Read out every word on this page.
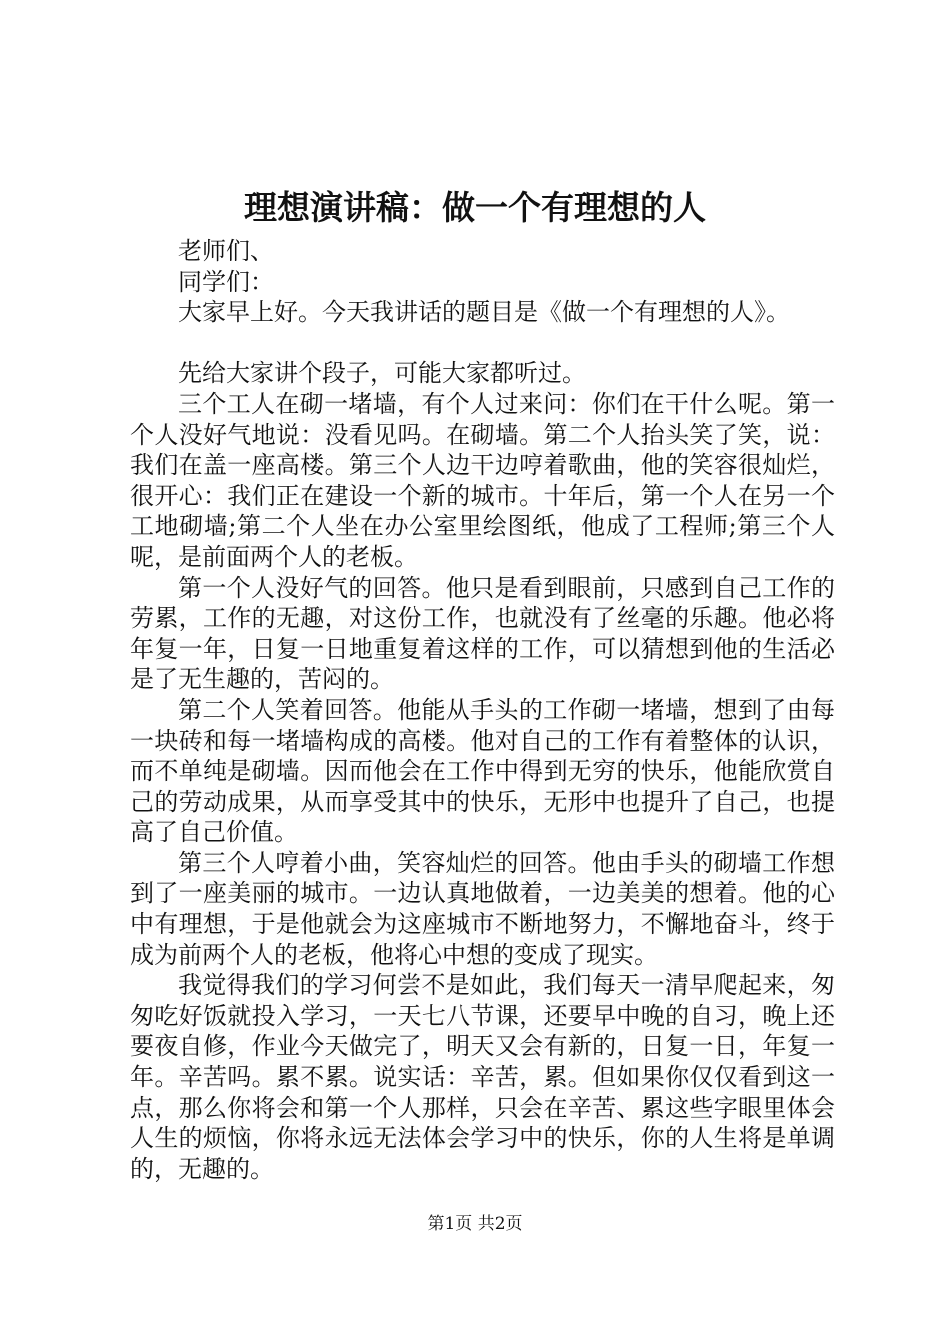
理想演讲稿：做一个有理想的人

老师们、

同学们：

大家早上好。今天我讲话的题目是《做一个有理想的人》。

先给大家讲个段子，可能大家都听过。

三个工人在砌一堵墙，有个人过来问：你们在干什么呢。第一个人没好气地说：没看见吗。在砌墙。第二个人抬头笑了笑，说：我们在盖一座高楼。第三个人边干边哼着歌曲，他的笑容很灿烂，很开心：我们正在建设一个新的城市。十年后，第一个人在另一个工地砌墙;第二个人坐在办公室里绘图纸，他成了工程师;第三个人呢，是前面两个人的老板。

第一个人没好气的回答。他只是看到眼前，只感到自己工作的劳累，工作的无趣，对这份工作，也就没有了丝毫的乐趣。他必将年复一年，日复一日地重复着这样的工作，可以猜想到他的生活必是了无生趣的，苦闷的。

第二个人笑着回答。他能从手头的工作砌一堵墙，想到了由每一块砖和每一堵墙构成的高楼。他对自己的工作有着整体的认识，而不单纯是砌墙。因而他会在工作中得到无穷的快乐，他能欣赏自己的劳动成果，从而享受其中的快乐，无形中也提升了自己，也提高了自己价值。

第三个人哼着小曲，笑容灿烂的回答。他由手头的砌墙工作想到了一座美丽的城市。一边认真地做着，一边美美的想着。他的心中有理想，于是他就会为这座城市不断地努力，不懈地奋斗，终于成为前两个人的老板，他将心中想的变成了现实。

我觉得我们的学习何尝不是如此，我们每天一清早爬起来，匆匆吃好饭就投入学习，一天七八节课，还要早中晚的自习，晚上还要夜自修，作业今天做完了，明天又会有新的，日复一日，年复一年。辛苦吗。累不累。说实话：辛苦，累。但如果你仅仅看到这一点，那么你将会和第一个人那样，只会在辛苦、累这些字眼里体会人生的烦恼，你将永远无法体会学习中的快乐，你的人生将是单调的，无趣的。

第1页 共2页
